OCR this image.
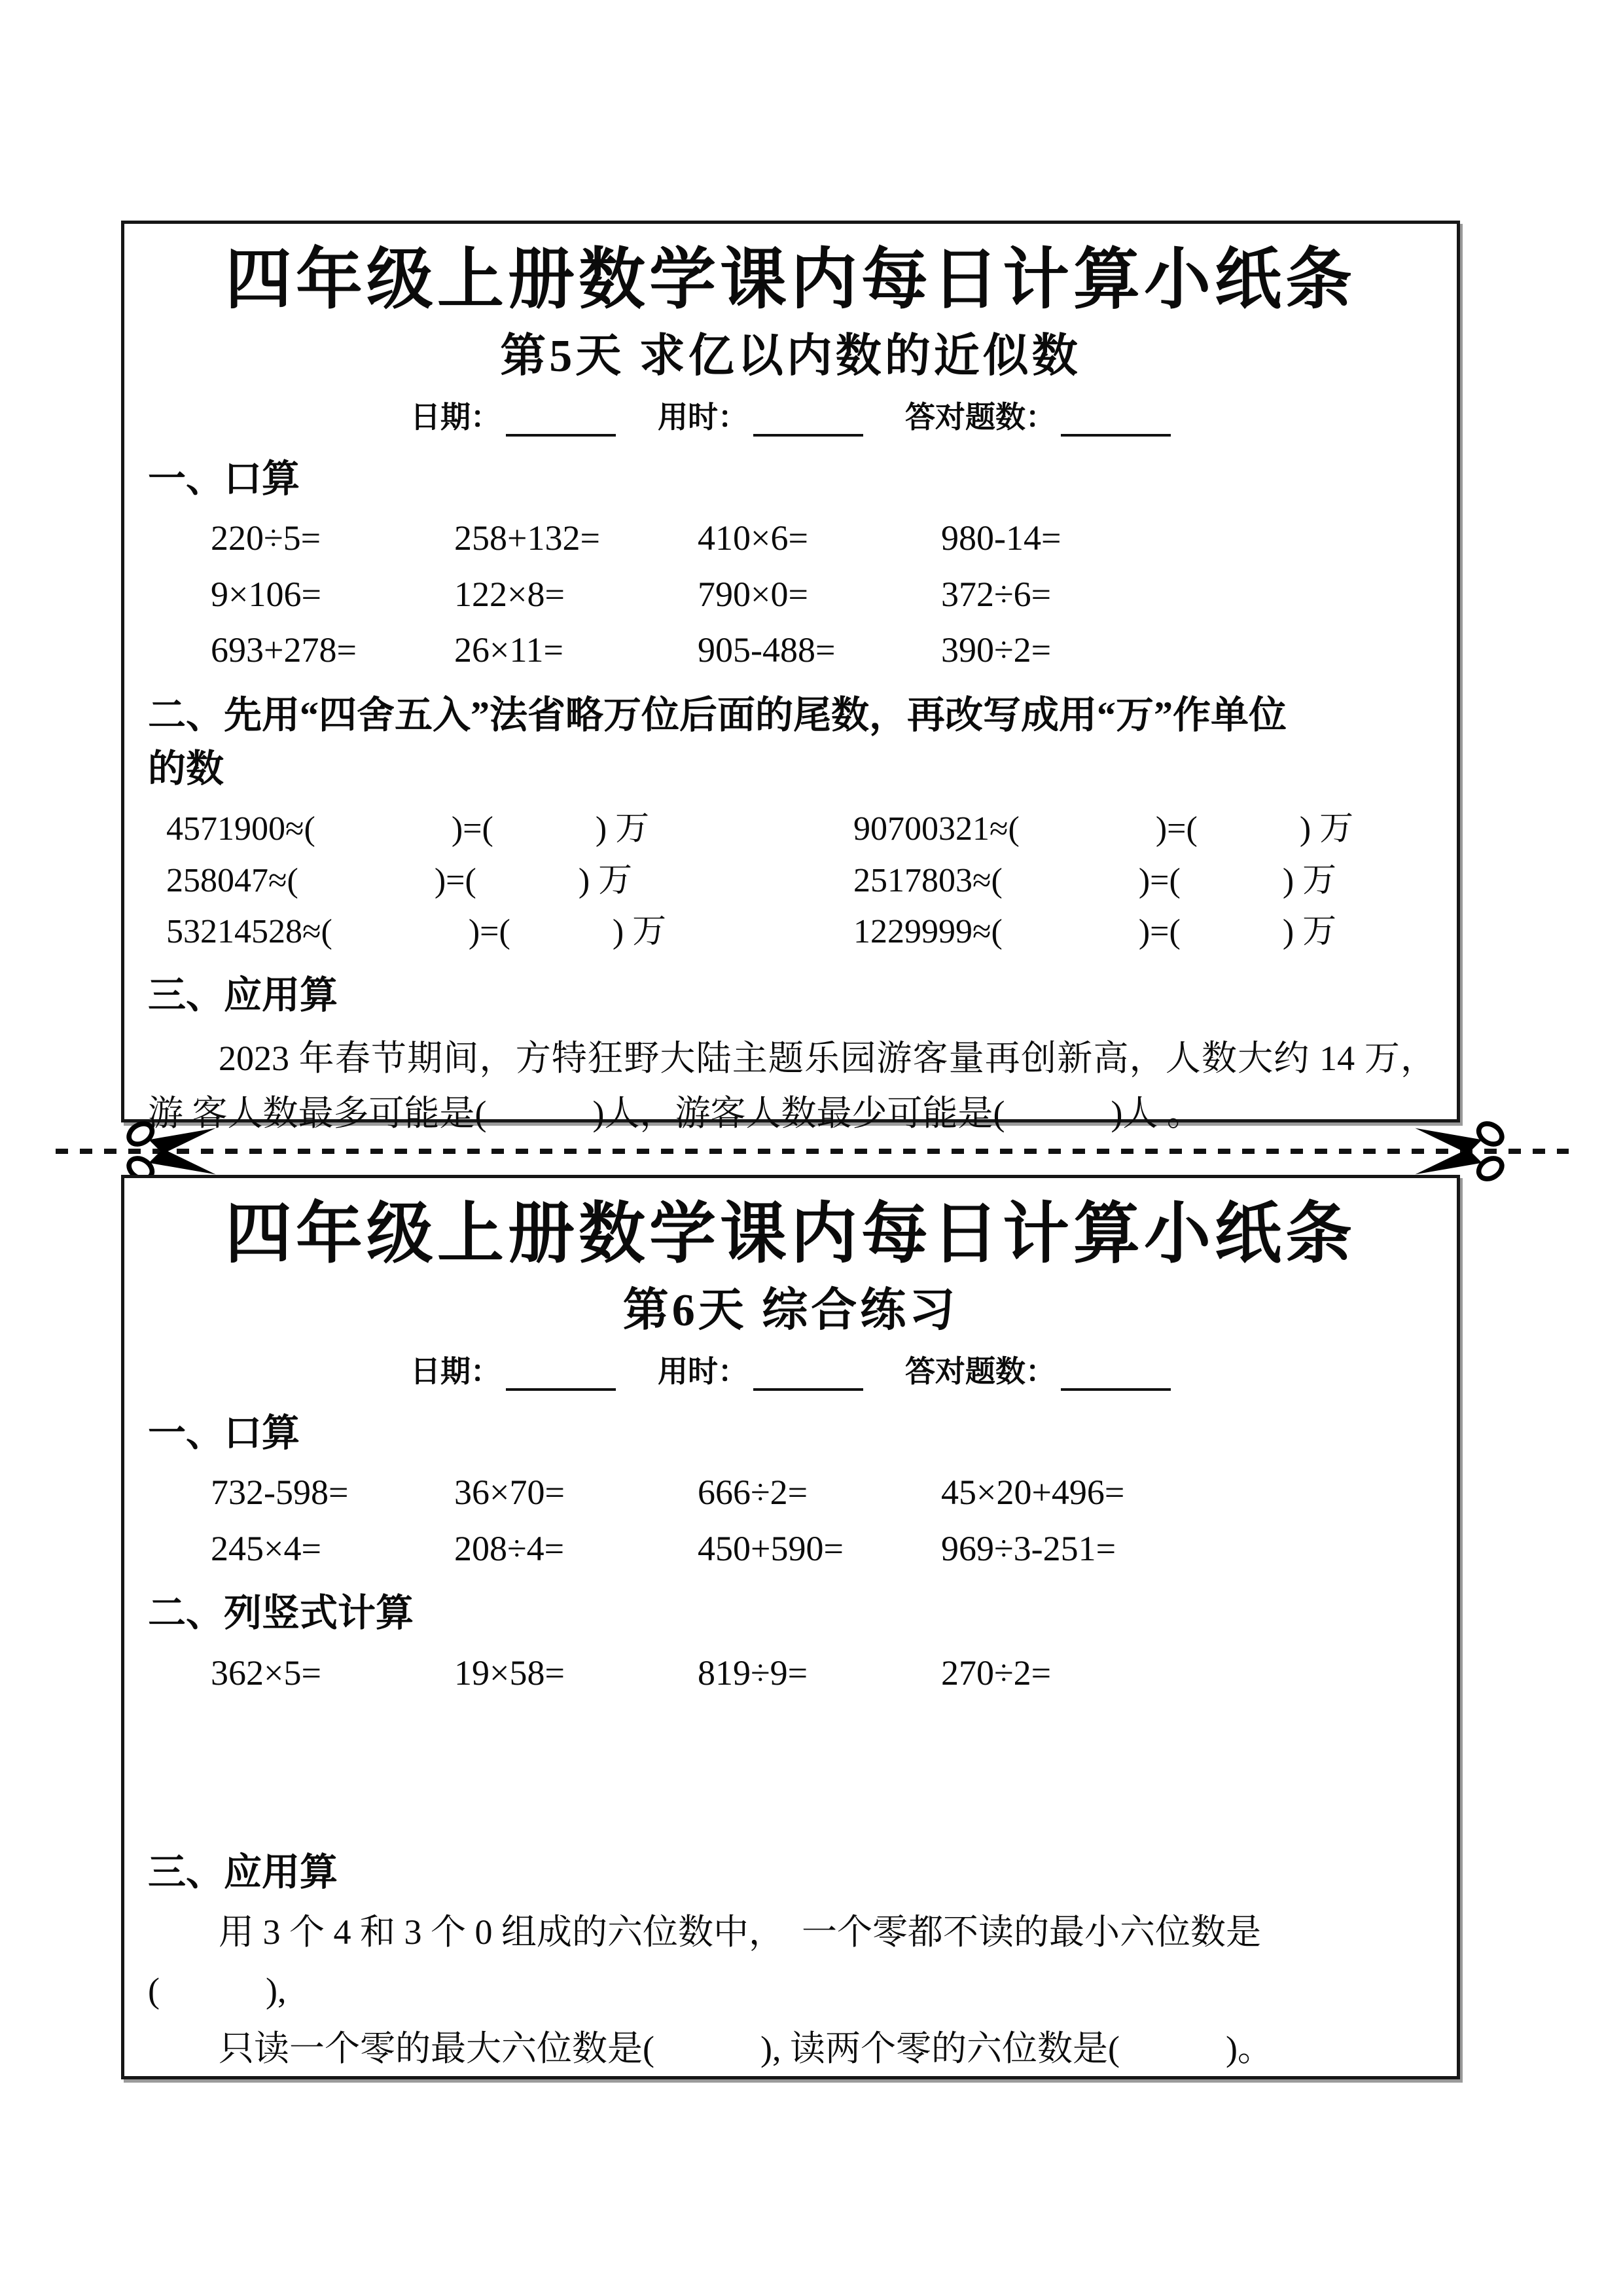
四年级上册数学课内每日计算小纸条
第5天 求亿以内数的近似数
日期：	用时：	答对题数：
一、口算
220÷5=	258+132=	410×6=	980-14=
9×106=	122×8=	790×0=	372÷6=
693+278=	26×11=	905-488=	390÷2=
二、先用“四舍五入”法省略万位后面的尾数，再改写成用“万”作单位的数
4571900≈(　　　　)=(　　　) 万	90700321≈(　　　　)=(　　　) 万
258047≈(　　　　)=(　　　) 万	2517803≈(　　　　)=(　　　) 万
53214528≈(　　　　)=(　　　) 万	1229999≈(　　　　)=(　　　) 万
三、应用算

2023 年春节期间，方特狂野大陆主题乐园游客量再创新高，人数大约 14 万，游 客人数最多可能是(　　　)人，游客人数最少可能是(　　　)人 。

四年级上册数学课内每日计算小纸条
第6天 综合练习
日期：	用时：	答对题数：
一、口算
732-598=	36×70=	666÷2=	45×20+496=
245×4=	208÷4=	450+590=	969÷3-251=
二、列竖式计算
362×5=	19×58=	819÷9=	270÷2=
三、应用算

用 3 个 4 和 3 个 0 组成的六位数中，  一个零都不读的最小六位数是

(　　　),

只读一个零的最大六位数是(　　　), 读两个零的六位数是(　　　)。
